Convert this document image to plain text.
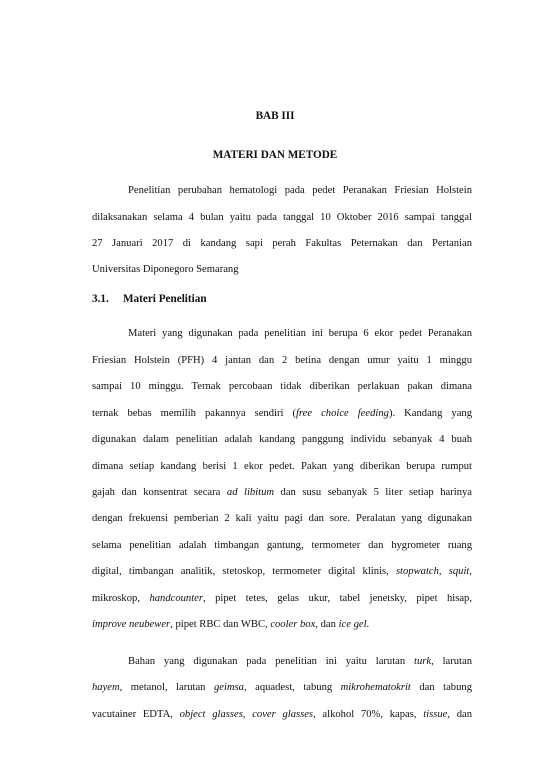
BAB III
MATERI DAN METODE
Penelitian perubahan hematologi pada pedet Peranakan Friesian Holstein
dilaksanakan selama 4 bulan yaitu pada tanggal 10 Oktober 2016 sampai tanggal
27 Januari 2017 di kandang sapi perah Fakultas Peternakan dan Pertanian
Universitas Diponegoro Semarang
3.1. Materi Penelitian
Materi yang digunakan pada penelitian ini berupa 6 ekor pedet Peranakan
Friesian Holstein (PFH) 4 jantan dan 2 betina dengan umur yaitu 1 minggu
sampai 10 minggu. Ternak percobaan tidak diberikan perlakuan pakan dimana
ternak bebas memilih pakannya sendiri (free choice feeding). Kandang yang
digunakan dalam penelitian adalah kandang panggung individu sebanyak 4 buah
dimana setiap kandang berisi 1 ekor pedet. Pakan yang diberikan berupa rumput
gajah dan konsentrat secara ad libitum dan susu sebanyak 5 liter setiap harinya
dengan frekuensi pemberian 2 kali yaitu pagi dan sore. Peralatan yang digunakan
selama penelitian adalah timbangan gantung, termometer dan hygrometer ruang
digital, timbangan analitik, stetoskop, termometer digital klinis, stopwatch, squit,
mikroskop, handcounter, pipet tetes, gelas ukur, tabel jenetsky, pipet hisap,
improve neubewer, pipet RBC dan WBC, cooler box, dan ice gel.
Bahan yang digunakan pada penelitian ini yaitu larutan turk, larutan
hayem, metanol, larutan geimsa, aquadest, tabung mikrohematokrit dan tabung
vacutainer EDTA, object glasses, cover glasses, alkohol 70%, kapas, tissue, dan
